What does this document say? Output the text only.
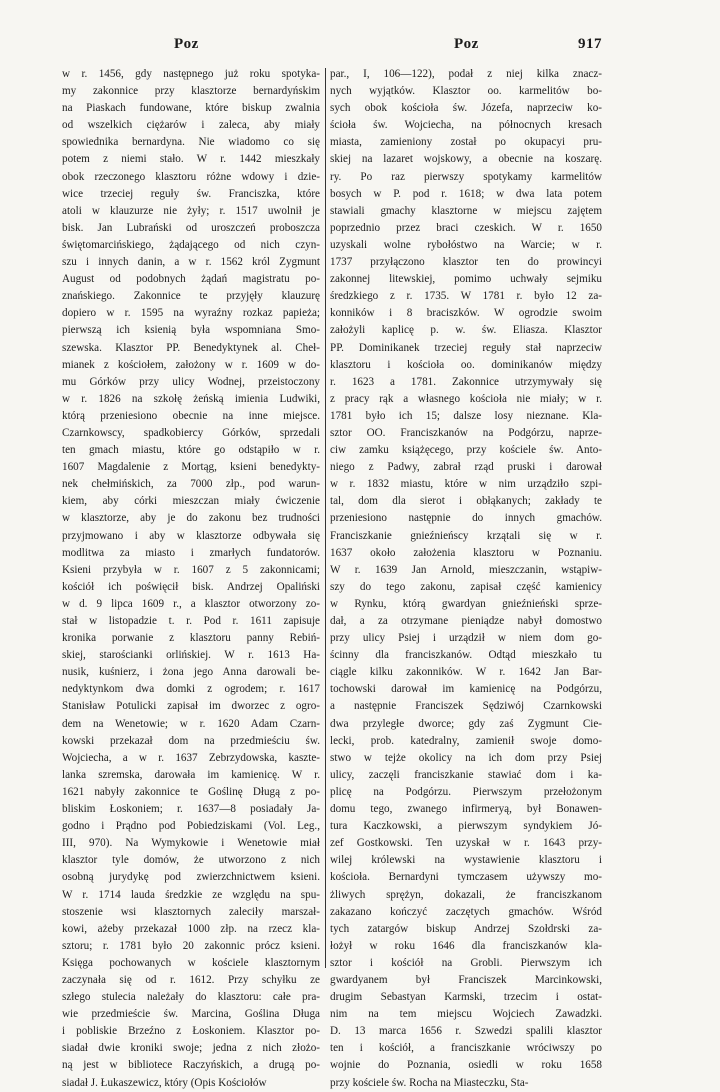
Poz	Poz	917
w r. 1456, gdy następnego już roku spotyka-
my zakonnice przy klasztorze bernardyńskim
na Piaskach fundowane, które biskup zwalnia
od wszelkich ciężarów i zaleca, aby miały
spowiednika bernardyna. Nie wiadomo co się
potem z niemi stało. W r. 1442 mieszkały
obok rzeczonego klasztoru różne wdowy i dzie-
wice trzeciej reguły św. Franciszka, które
atoli w klauzurze nie żyły; r. 1517 uwolnił je
bisk. Jan Lubrański od uroszczeń proboszcza
świętomarcińskiego, żądającego od nich czyn-
szu i innych danin, a w r. 1562 król Zygmunt
August od podobnych żądań magistratu po-
znańskiego. Zakonnice te przyjęły klauzurę
dopiero w r. 1595 na wyraźny rozkaz papieża;
pierwszą ich ksienią była wspomniana Smo-
szewska. Klasztor PP. Benedyktynek al. Cheł-
mianek z kościołem, założony w r. 1609 w do-
mu Górków przy ulicy Wodnej, przeistoczony
w r. 1826 na szkołę żeńską imienia Ludwiki,
którą przeniesiono obecnie na inne miejsce.
Czarnkowscy, spadkobiercy Górków, sprzedali
ten gmach miastu, które go odstąpiło w r.
1607 Magdalenie z Mortąg, ksieni benedykty-
nek chełmińskich, za 7000 złp., pod warun-
kiem, aby córki mieszczan miały ćwiczenie
w klasztorze, aby je do zakonu bez trudności
przyjmowano i aby w klasztorze odbywała się
modlitwa za miasto i zmarłych fundatorów.
Ksieni przybyła w r. 1607 z 5 zakonnicami;
kościół ich poświęcił bisk. Andrzej Opaliński
w d. 9 lipca 1609 r., a klasztor otworzony zo-
stał w listopadzie t. r. Pod r. 1611 zapisuje
kronika porwanie z klasztoru panny Rebiń-
skiej, starościanki orlińskiej. W r. 1613 Ha-
nusik, kuśnierz, i żona jego Anna darowali be-
nedyktynkom dwa domki z ogrodem; r. 1617
Stanisław Potulicki zapisał im dworzec z ogro-
dem na Wenetowie; w r. 1620 Adam Czarn-
kowski przekazał dom na przedmieściu św.
Wojciecha, a w r. 1637 Zebrzydowska, kaszte-
lanka szremska, darowała im kamienicę. W r.
1621 nabyły zakonnice te Goślinę Długą z po-
bliskim Łoskoniem; r. 1637—8 posiadały Ja-
godno i Prądno pod Pobiedziskami (Vol. Leg.,
III, 970). Na Wymykowie i Wenetowie miał
klasztor tyle domów, że utworzono z nich
osobną jurydykę pod zwierzchnictwem ksieni.
W r. 1714 lauda średzkie ze względu na spu-
stoszenie wsi klasztornych zaleciły marszał-
kowi, ażeby przekazał 1000 złp. na rzecz kla-
sztoru; r. 1781 było 20 zakonnic prócz ksieni.
Księga pochowanych w kościele klasztornym
zaczynała się od r. 1612. Przy schyłku ze
szłego stulecia należały do klasztoru: całe pra-
wie przedmieście św. Marcina, Goślina Długa
i pobliskie Brzeźno z Łoskoniem. Klasztor po-
siadał dwie kroniki swoje; jedna z nich złożo-
ną jest w bibliotece Raczyńskich, a drugą po-
siadał J. Łukaszewicz, który (Opis Kościołów
par., I, 106—122), podał z niej kilka znacz-
nych wyjątków. Klasztor oo. karmelitów bo-
sych obok kościoła św. Józefa, naprzeciw ko-
ścioła św. Wojciecha, na północnych kresach
miasta, zamieniony został po okupacyi pru-
skiej na lazaret wojskowy, a obecnie na koszarę.
ry. Po raz pierwszy spotykamy karmelitów
bosych w P. pod r. 1618; w dwa lata potem
stawiali gmachy klasztorne w miejscu zajętem
poprzednio przez braci czeskich. W r. 1650
uzyskali wolne rybołóstwo na Warcie; w r.
1737 przyłączono klasztor ten do prowincyi
zakonnej litewskiej, pomimo uchwały sejmiku
średzkiego z r. 1735. W 1781 r. było 12 za-
konników i 8 braciszków. W ogrodzie swoim
założyli kaplicę p. w. św. Eliasza. Klasztor
PP. Dominikanek trzeciej reguły stał naprzeciw
klasztoru i kościoła oo. dominikanów między
r. 1623 a 1781. Zakonnice utrzymywały się
z pracy rąk a własnego kościoła nie miały; w r.
1781 było ich 15; dalsze losy nieznane. Kla-
sztor OO. Franciszkanów na Podgórzu, naprze-
ciw zamku książęcego, przy kościele św. Anto-
niego z Padwy, zabrał rząd pruski i darował
w r. 1832 miastu, które w nim urządziło szpi-
tal, dom dla sierot i obłąkanych; zakłady te
przeniesiono następnie do innych gmachów.
Franciszkanie gnieźnieńscy krzątali się w r.
1637 około założenia klasztoru w Poznaniu.
W r. 1639 Jan Arnold, mieszczanin, wstąpiw-
szy do tego zakonu, zapisał część kamienicy
w Rynku, którą gwardyan gnieźnieński sprze-
dał, a za otrzymane pieniądze nabył domostwo
przy ulicy Psiej i urządził w niem dom go-
ścinny dla franciszkanów. Odtąd mieszkało tu
ciągle kilku zakonników. W r. 1642 Jan Bar-
tochowski darował im kamienicę na Podgórzu,
a następnie Franciszek Sędziwój Czarnkowski
dwa przyległe dworce; gdy zaś Zygmunt Cie-
lecki, prob. katedralny, zamienił swoje domo-
stwo w tejże okolicy na ich dom przy Psiej
ulicy, zaczęli franciszkanie stawiać dom i ka-
plicę na Podgórzu. Pierwszym przełożonym
domu tego, zwanego infirmeryą, był Bonawen-
tura Kaczkowski, a pierwszym syndykiem Jó-
zef Gostkowski. Ten uzyskał w r. 1643 przy-
wilej królewski na wystawienie klasztoru i
kościoła. Bernardyni tymczasem używszy mo-
żliwych sprężyn, dokazali, że franciszkanom
zakazano kończyć zaczętych gmachów. Wśród
tych zatargów biskup Andrzej Szołdrski za-
łożył w roku 1646 dla franciszkanów kla-
sztor i kościół na Grobli. Pierwszym ich
gwardyanem był Franciszek Marcinkowski,
drugim Sebastyan Karmski, trzecim i ostat-
nim na tem miejscu Wojciech Zawadzki.
D. 13 marca 1656 r. Szwedzi spalili klasztor
ten i kościół, a franciszkanie wróciwszy po
wojnie do Poznania, osiedli w roku 1658
przy kościele św. Rocha na Miasteczku, Sta-
